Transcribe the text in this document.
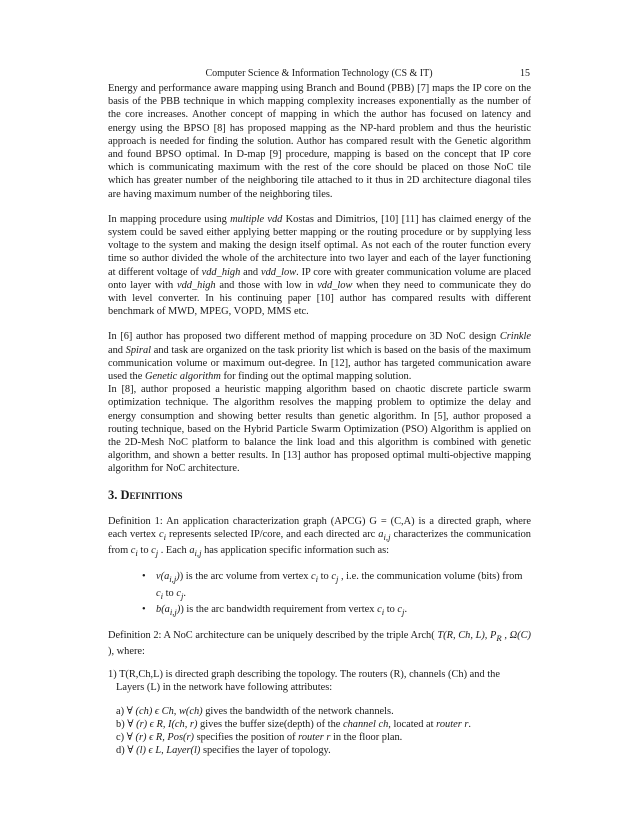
Computer Science & Information Technology (CS & IT)	15

Energy and performance aware mapping using Branch and Bound (PBB) [7] maps the IP core on the basis of the PBB technique in which mapping complexity increases exponentially as the number of the core increases. Another concept of mapping in which the author has focused on latency and energy using the BPSO [8] has proposed mapping as the NP-hard problem and thus the heuristic approach is needed for finding the solution. Author has compared result with the Genetic algorithm and found BPSO optimal. In D-map [9] procedure, mapping is based on the concept that IP core which is communicating maximum with the rest of the core should be placed on those NoC tile which has greater number of the neighboring tile attached to it thus in 2D architecture diagonal tiles are having maximum number of the neighboring tiles.

In mapping procedure using multiple vdd Kostas and Dimitrios, [10] [11] has claimed energy of the system could be saved either applying better mapping or the routing procedure or by supplying less voltage to the system and making the design itself optimal. As not each of the router function every time so author divided the whole of the architecture into two layer and each of the layer functioning at different voltage of vdd_high and vdd_low. IP core with greater communication volume are placed onto layer with vdd_high and those with low in vdd_low when they need to communicate they do with level converter. In his continuing paper [10] author has compared results with different benchmark of MWD, MPEG, VOPD, MMS etc.

In [6] author has proposed two different method of mapping procedure on 3D NoC design Crinkle and Spiral and task are organized on the task priority list which is based on the basis of the maximum communication volume or maximum out-degree. In [12], author has targeted communication aware used the Genetic algorithm for finding out the optimal mapping solution.

In [8], author proposed a heuristic mapping algorithm based on chaotic discrete particle swarm optimization technique. The algorithm resolves the mapping problem to optimize the delay and energy consumption and showing better results than genetic algorithm. In [5], author proposed a routing technique, based on the Hybrid Particle Swarm Optimization (PSO) Algorithm is applied on the 2D-Mesh NoC platform to balance the link load and this algorithm is combined with genetic algorithm, and shown a better results. In [13] author has proposed optimal multi-objective mapping algorithm for NoC architecture.

3. Definitions

Definition 1: An application characterization graph (APCG) G = (C,A) is a directed graph, where each vertex $c_i$ represents selected IP/core, and each directed arc $a_{i,j}$ characterizes the communication from $c_i$ to $c_j$ . Each $a_{i,j}$ has application specific information such as:

• $v(a_{i,j})$) is the arc volume from vertex $c_i$ to $c_j$ , i.e. the communication volume (bits) from
$c_i$ to $c_j$.
• $b(a_{i,j})$) is the arc bandwidth requirement from vertex $c_i$ to $c_j$.

Definition 2: A NoC architecture can be uniquely described by the triple Arch( T(R, Ch, L), $P_R$ , Ω(C) ), where:

1) T(R,Ch,L) is directed graph describing the topology. The routers (R), channels (Ch) and the
Layers (L) in the network have following attributes:

a) ∀ (ch) ϵ Ch, w(ch) gives the bandwidth of the network channels.

b) ∀ (r) ϵ R, I(ch, r) gives the buffer size(depth) of the channel ch, located at router r.

c) ∀ (r) ϵ R, Pos(r) specifies the position of router r in the floor plan.

d) ∀ (l) ϵ L, Layer(l) specifies the layer of topology.
